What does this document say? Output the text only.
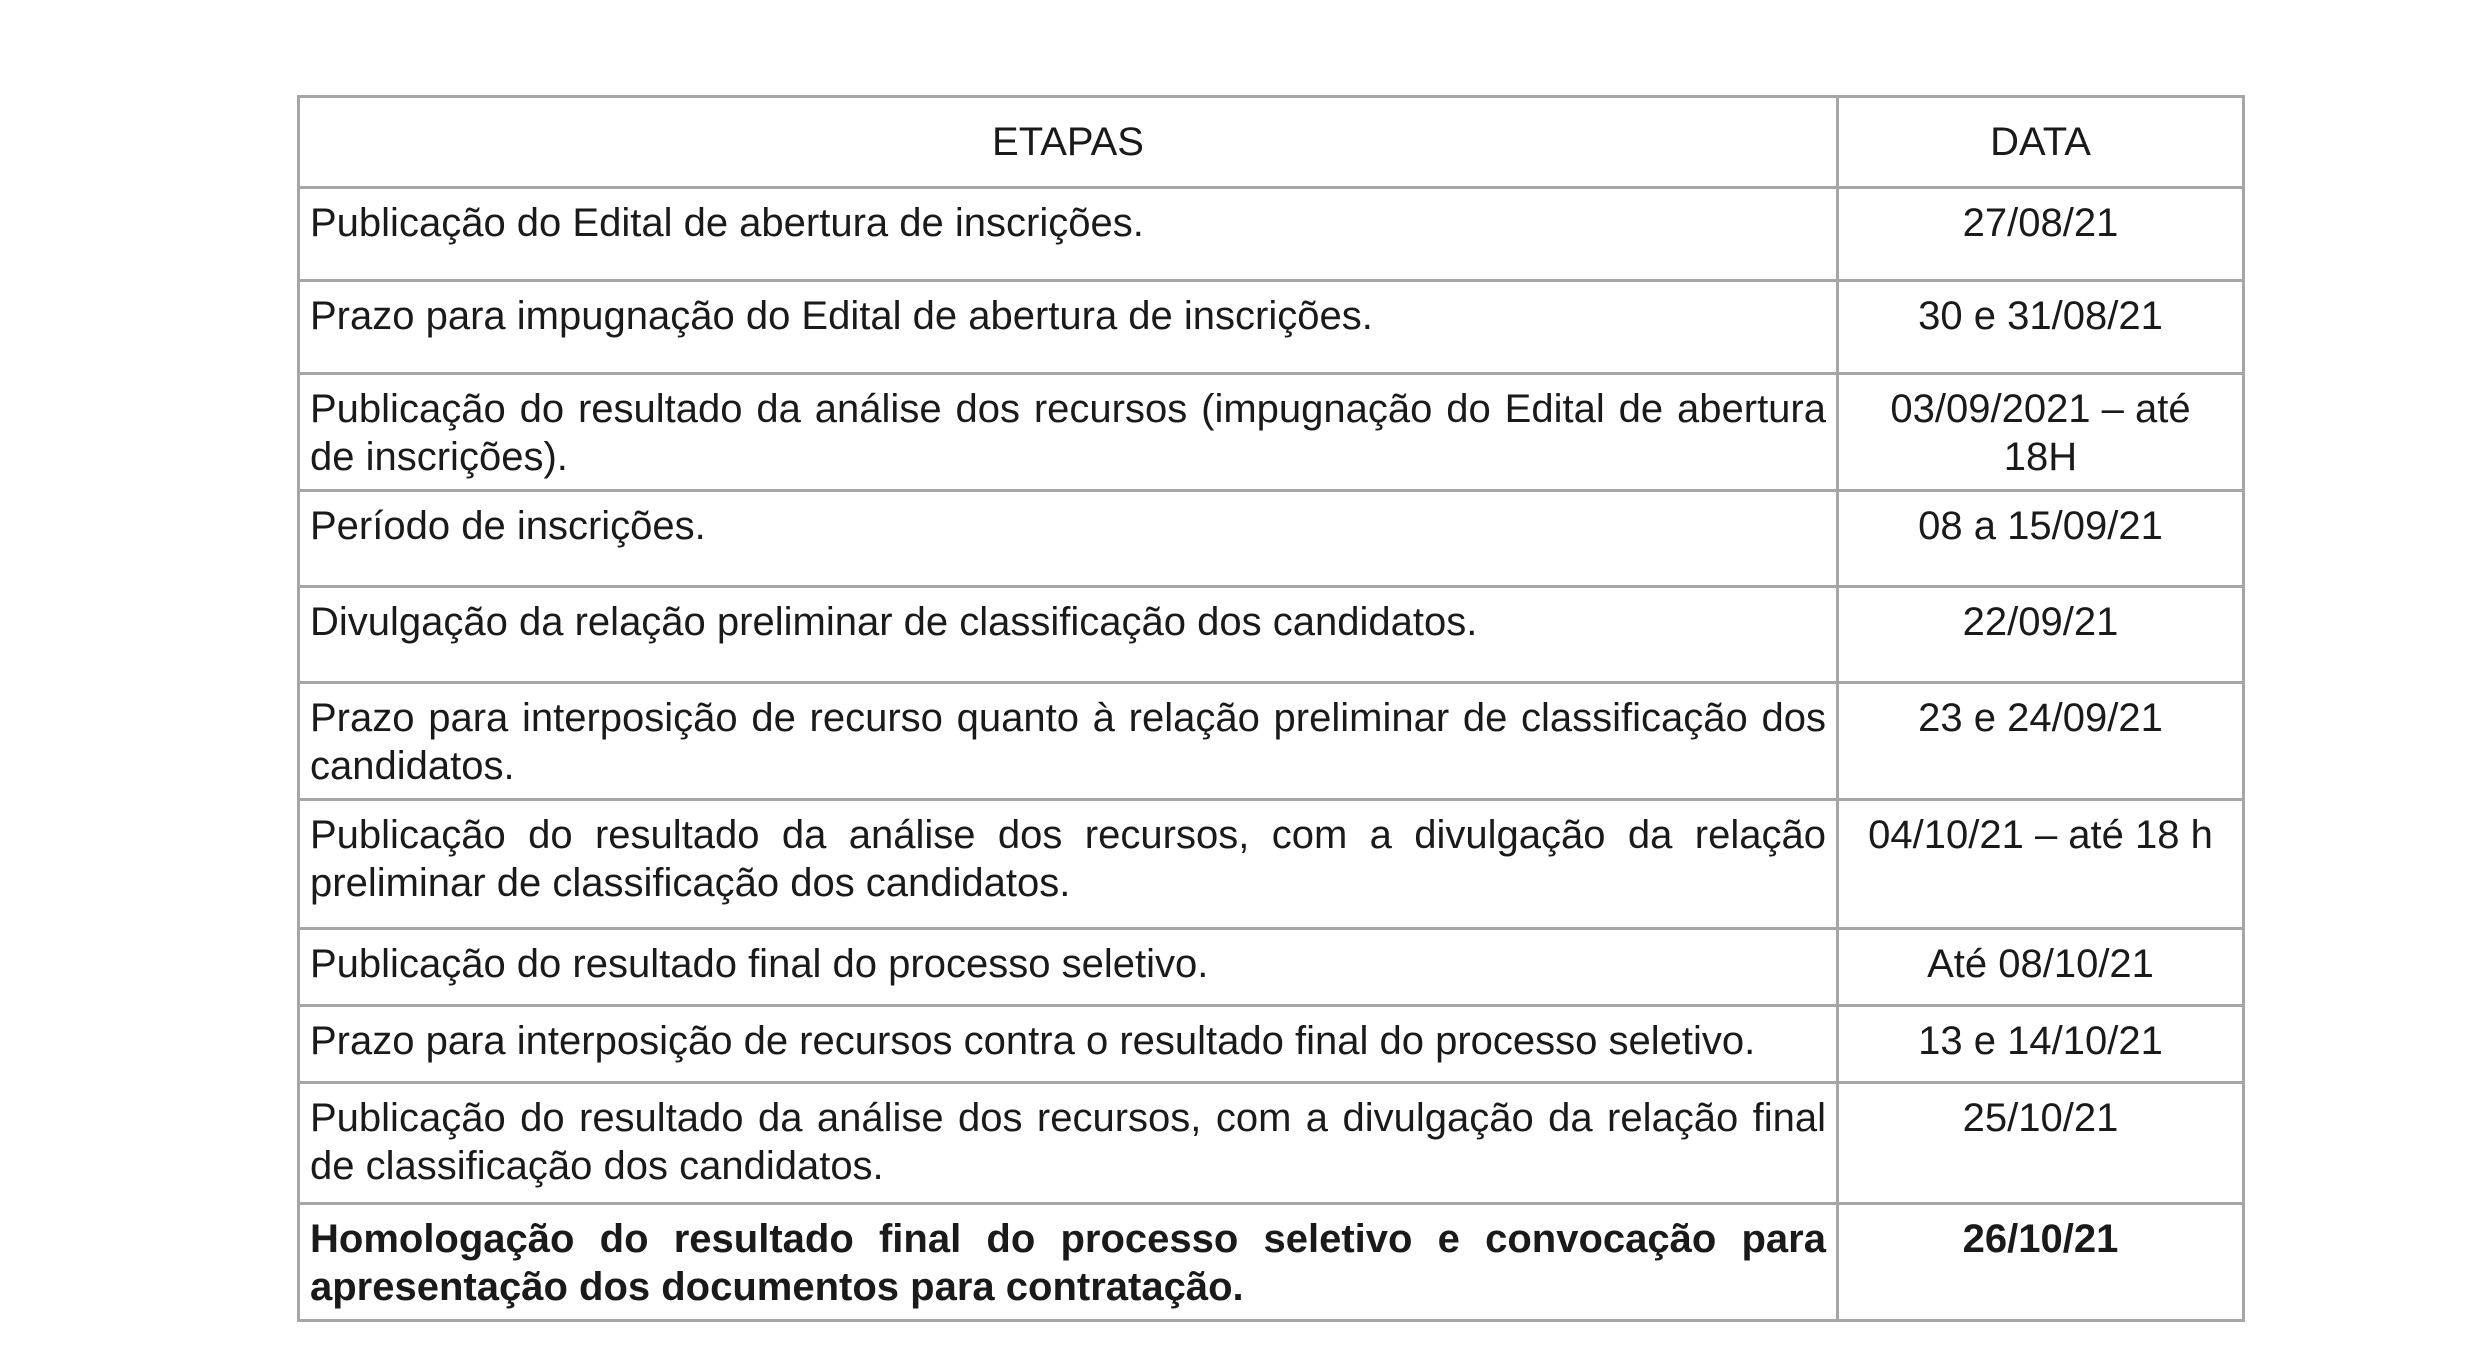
ETAPAS	DATA
Publicação do Edital de abertura de inscrições.	27/08/21
Prazo para impugnação do Edital de abertura de inscrições.	30 e 31/08/21
Publicação do resultado da análise dos recursos (impugnação do Edital de abertura de inscrições).	03/09/2021 – até 18H
Período de inscrições.	08 a 15/09/21
Divulgação da relação preliminar de classificação dos candidatos.	22/09/21
Prazo para interposição de recurso quanto à relação preliminar de classificação dos candidatos.	23 e 24/09/21
Publicação do resultado da análise dos recursos, com a divulgação da relação preliminar de classificação dos candidatos.	04/10/21 – até 18 h
Publicação do resultado final do processo seletivo.	Até 08/10/21
Prazo para interposição de recursos contra o resultado final do processo seletivo.	13 e 14/10/21
Publicação do resultado da análise dos recursos, com a divulgação da relação final de classificação dos candidatos.	25/10/21
Homologação do resultado final do processo seletivo e convocação para apresentação dos documentos para contratação.	26/10/21
